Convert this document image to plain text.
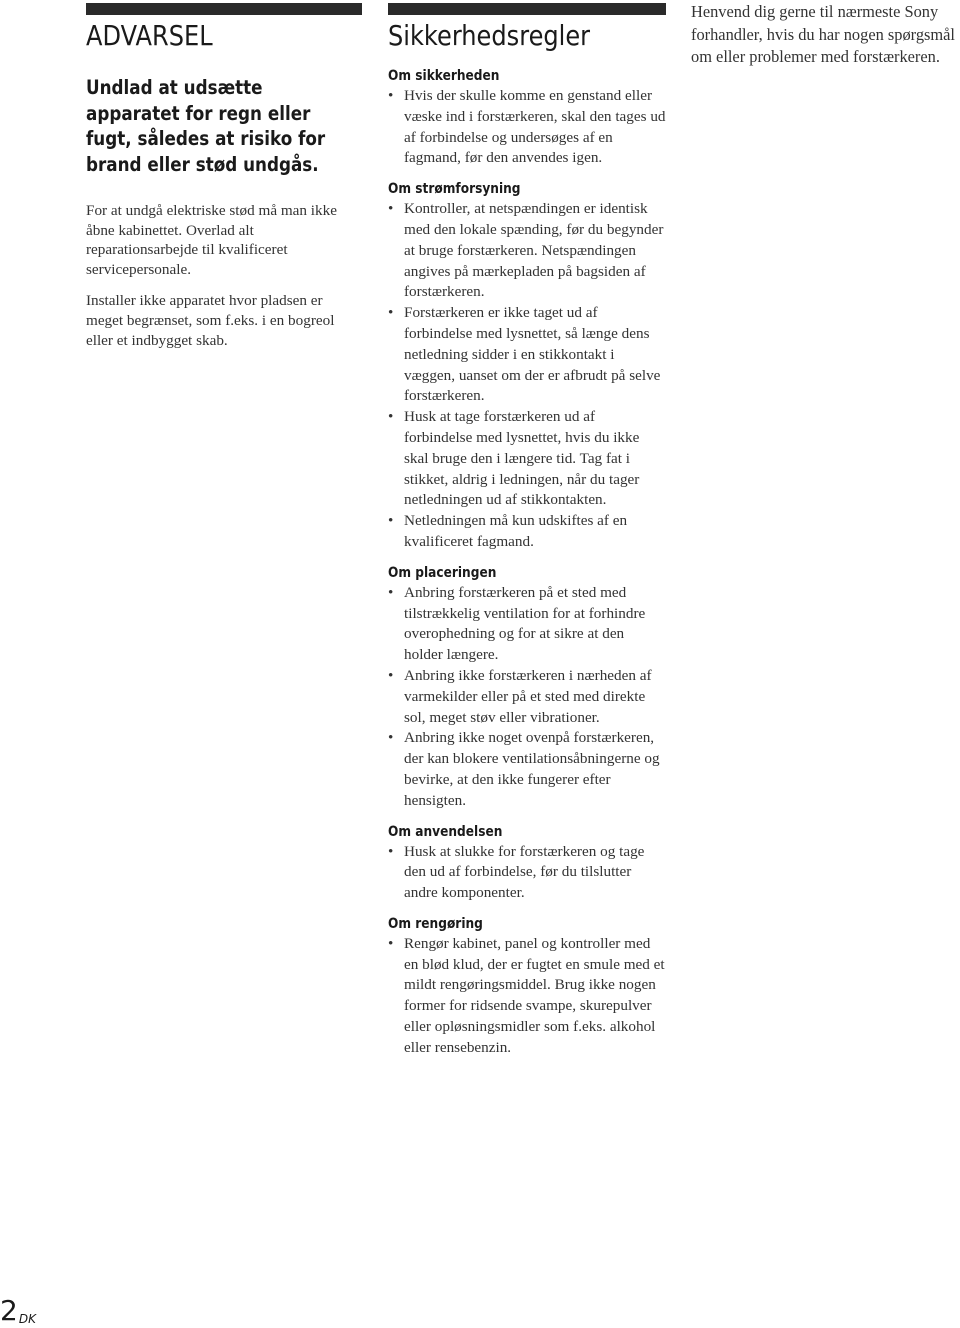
ADVARSEL

Undlad at udsætte apparatet for regn eller fugt, således at risiko for brand eller stød undgås.

For at undgå elektriske stød må man ikke åbne kabinettet. Overlad alt reparationsarbejde til kvalificeret servicepersonale.

Installer ikke apparatet hvor pladsen er meget begrænset, som f.eks. i en bogreol eller et indbygget skab.

Sikkerhedsregler
Om sikkerheden
• Hvis der skulle komme en genstand eller væske ind i forstærkeren, skal den tages ud af forbindelse og undersøges af en fagmand, før den anvendes igen.
Om strømforsyning
• Kontroller, at netspændingen er identisk med den lokale spænding, før du begynder at bruge forstærkeren. Netspændingen angives på mærkepladen på bagsiden af forstærkeren.
• Forstærkeren er ikke taget ud af forbindelse med lysnettet, så længe dens netledning sidder i en stikkontakt i væggen, uanset om der er afbrudt på selve forstærkeren.
• Husk at tage forstærkeren ud af forbindelse med lysnettet, hvis du ikke skal bruge den i længere tid. Tag fat i stikket, aldrig i ledningen, når du tager netledningen ud af stikkontakten.
• Netledningen må kun udskiftes af en kvalificeret fagmand.
Om placeringen
• Anbring forstærkeren på et sted med tilstrækkelig ventilation for at forhindre overophedning og for at sikre at den holder længere.
• Anbring ikke forstærkeren i nærheden af varmekilder eller på et sted med direkte sol, meget støv eller vibrationer.
• Anbring ikke noget ovenpå forstærkeren, der kan blokere ventilationsåbningerne og bevirke, at den ikke fungerer efter hensigten.
Om anvendelsen
• Husk at slukke for forstærkeren og tage den ud af forbindelse, før du tilslutter andre komponenter.
Om rengøring
• Rengør kabinet, panel og kontroller med en blød klud, der er fugtet en smule med et mildt rengøringsmiddel. Brug ikke nogen former for ridsende svampe, skurepulver eller opløsningsmidler som f.eks. alkohol eller rensebenzin.

Henvend dig gerne til nærmeste Sony forhandler, hvis du har nogen spørgsmål om eller problemer med forstærkeren.

$2^{DK}$
